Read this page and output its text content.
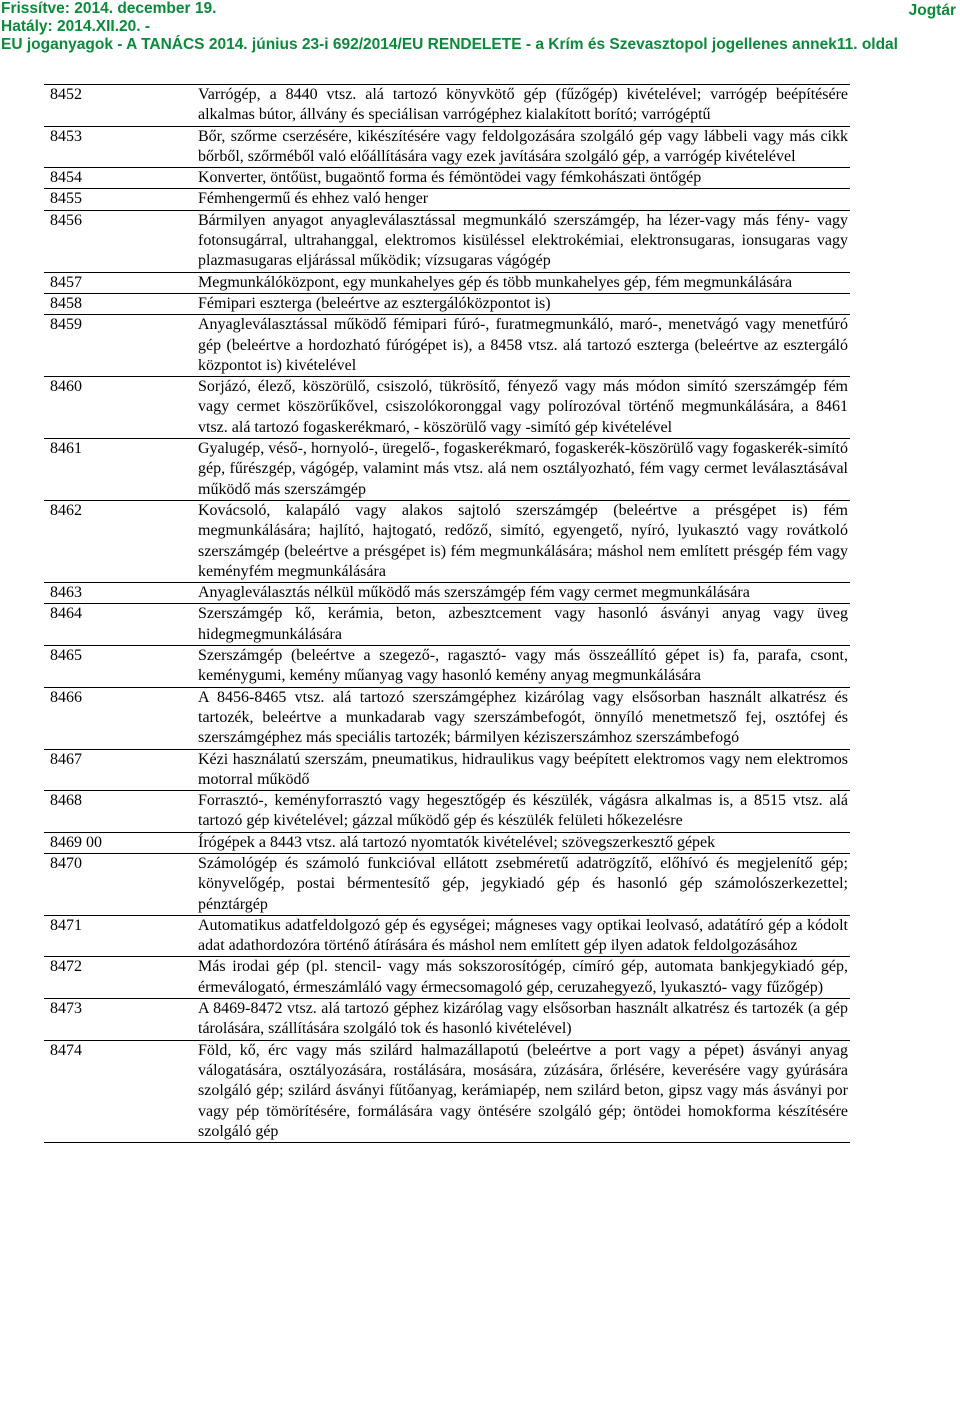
Frissítve: 2014. december 19.
Hatály: 2014.XII.20. -
EU joganyagok - A TANÁCS 2014. június 23-i 692/2014/EU RENDELETE - a Krím és Szevasztopol jogellenes annek11. oldal
Jogtár
8452	Varrógép, a 8440 vtsz. alá tartozó könyvkötő gép (fűzőgép) kivételével; varrógép beépítésére alkalmas bútor, állvány és speciálisan varrógéphez kialakított borító; varrógéptű
8453	Bőr, szőrme cserzésére, kikészítésére vagy feldolgozására szolgáló gép vagy lábbeli vagy más cikk bőrből, szőrméből való előállítására vagy ezek javítására szolgáló gép, a varrógép kivételével
8454	Konverter, öntőüst, bugaöntő forma és fémöntödei vagy fémkohászati öntőgép
8455	Fémhengermű és ehhez való henger
8456	Bármilyen anyagot anyagleválasztással megmunkáló szerszámgép, ha lézer-vagy más fény- vagy fotonsugárral, ultrahanggal, elektromos kisüléssel elektrokémiai, elektronsugaras, ionsugaras vagy plazmasugaras eljárással működik; vízsugaras vágógép
8457	Megmunkálóközpont, egy munkahelyes gép és több munkahelyes gép, fém megmunkálására
8458	Fémipari eszterga (beleértve az esztergálóközpontot is)
8459	Anyagleválasztással működő fémipari fúró-, furatmegmunkáló, maró-, menetvágó vagy menetfúró gép (beleértve a hordozható fúrógépet is), a 8458 vtsz. alá tartozó eszterga (beleértve az esztergáló központot is) kivételével
8460	Sorjázó, élező, köszörülő, csiszoló, tükrösítő, fényező vagy más módon simító szerszámgép fém vagy cermet köszörűkővel, csiszolókoronggal vagy polírozóval történő megmunkálására, a 8461 vtsz. alá tartozó fogaskerékmaró, - köszörülő vagy -simító gép kivételével
8461	Gyalugép, véső-, hornyoló-, üregelő-, fogaskerékmaró, fogaskerék-köszörülő vagy fogaskerék-simító gép, fűrészgép, vágógép, valamint más vtsz. alá nem osztályozható, fém vagy cermet leválasztásával működő más szerszámgép
8462	Kovácsoló, kalapáló vagy alakos sajtoló szerszámgép (beleértve a présgépet is) fém megmunkálására; hajlító, hajtogató, redőző, simító, egyengető, nyíró, lyukasztó vagy rovátkoló szerszámgép (beleértve a présgépet is) fém megmunkálására; máshol nem említett présgép fém vagy keményfém megmunkálására
8463	Anyagleválasztás nélkül működő más szerszámgép fém vagy cermet megmunkálására
8464	Szerszámgép kő, kerámia, beton, azbesztcement vagy hasonló ásványi anyag vagy üveg hidegmegmunkálására
8465	Szerszámgép (beleértve a szegező-, ragasztó- vagy más összeállító gépet is) fa, parafa, csont, keménygumi, kemény műanyag vagy hasonló kemény anyag megmunkálására
8466	A 8456-8465 vtsz. alá tartozó szerszámgéphez kizárólag vagy elsősorban használt alkatrész és tartozék, beleértve a munkadarab vagy szerszámbefogót, önnyíló menetmetsző fej, osztófej és szerszámgéphez más speciális tartozék; bármilyen kéziszerszámhoz szerszámbefogó
8467	Kézi használatú szerszám, pneumatikus, hidraulikus vagy beépített elektromos vagy nem elektromos motorral működő
8468	Forrasztó-, keményforrasztó vagy hegesztőgép és készülék, vágásra alkalmas is, a 8515 vtsz. alá tartozó gép kivételével; gázzal működő gép és készülék felületi hőkezelésre
8469 00	Írógépek a 8443 vtsz. alá tartozó nyomtatók kivételével; szövegszerkesztő gépek
8470	Számológép és számoló funkcióval ellátott zsebméretű adatrögzítő, előhívó és megjelenítő gép; könyvelőgép, postai bérmentesítő gép, jegykiadó gép és hasonló gép számolószerkezettel; pénztárgép
8471	Automatikus adatfeldolgozó gép és egységei; mágneses vagy optikai leolvasó, adatátíró gép a kódolt adat adathordozóra történő átírására és máshol nem említett gép ilyen adatok feldolgozásához
8472	Más irodai gép (pl. stencil- vagy más sokszorosítógép, címíró gép, automata bankjegykiadó gép, érmeválogató, érmeszámláló vagy érmecsomagoló gép, ceruzahegyező, lyukasztó- vagy fűzőgép)
8473	A 8469-8472 vtsz. alá tartozó géphez kizárólag vagy elsősorban használt alkatrész és tartozék (a gép tárolására, szállítására szolgáló tok és hasonló kivételével)
8474	Föld, kő, érc vagy más szilárd halmazállapotú (beleértve a port vagy a pépet) ásványi anyag válogatására, osztályozására, rostálására, mosására, zúzására, őrlésére, keverésére vagy gyúrására szolgáló gép; szilárd ásványi fűtőanyag, kerámiapép, nem szilárd beton, gipsz vagy más ásványi por vagy pép tömörítésére, formálására vagy öntésére szolgáló gép; öntödei homokforma készítésére szolgáló gép
